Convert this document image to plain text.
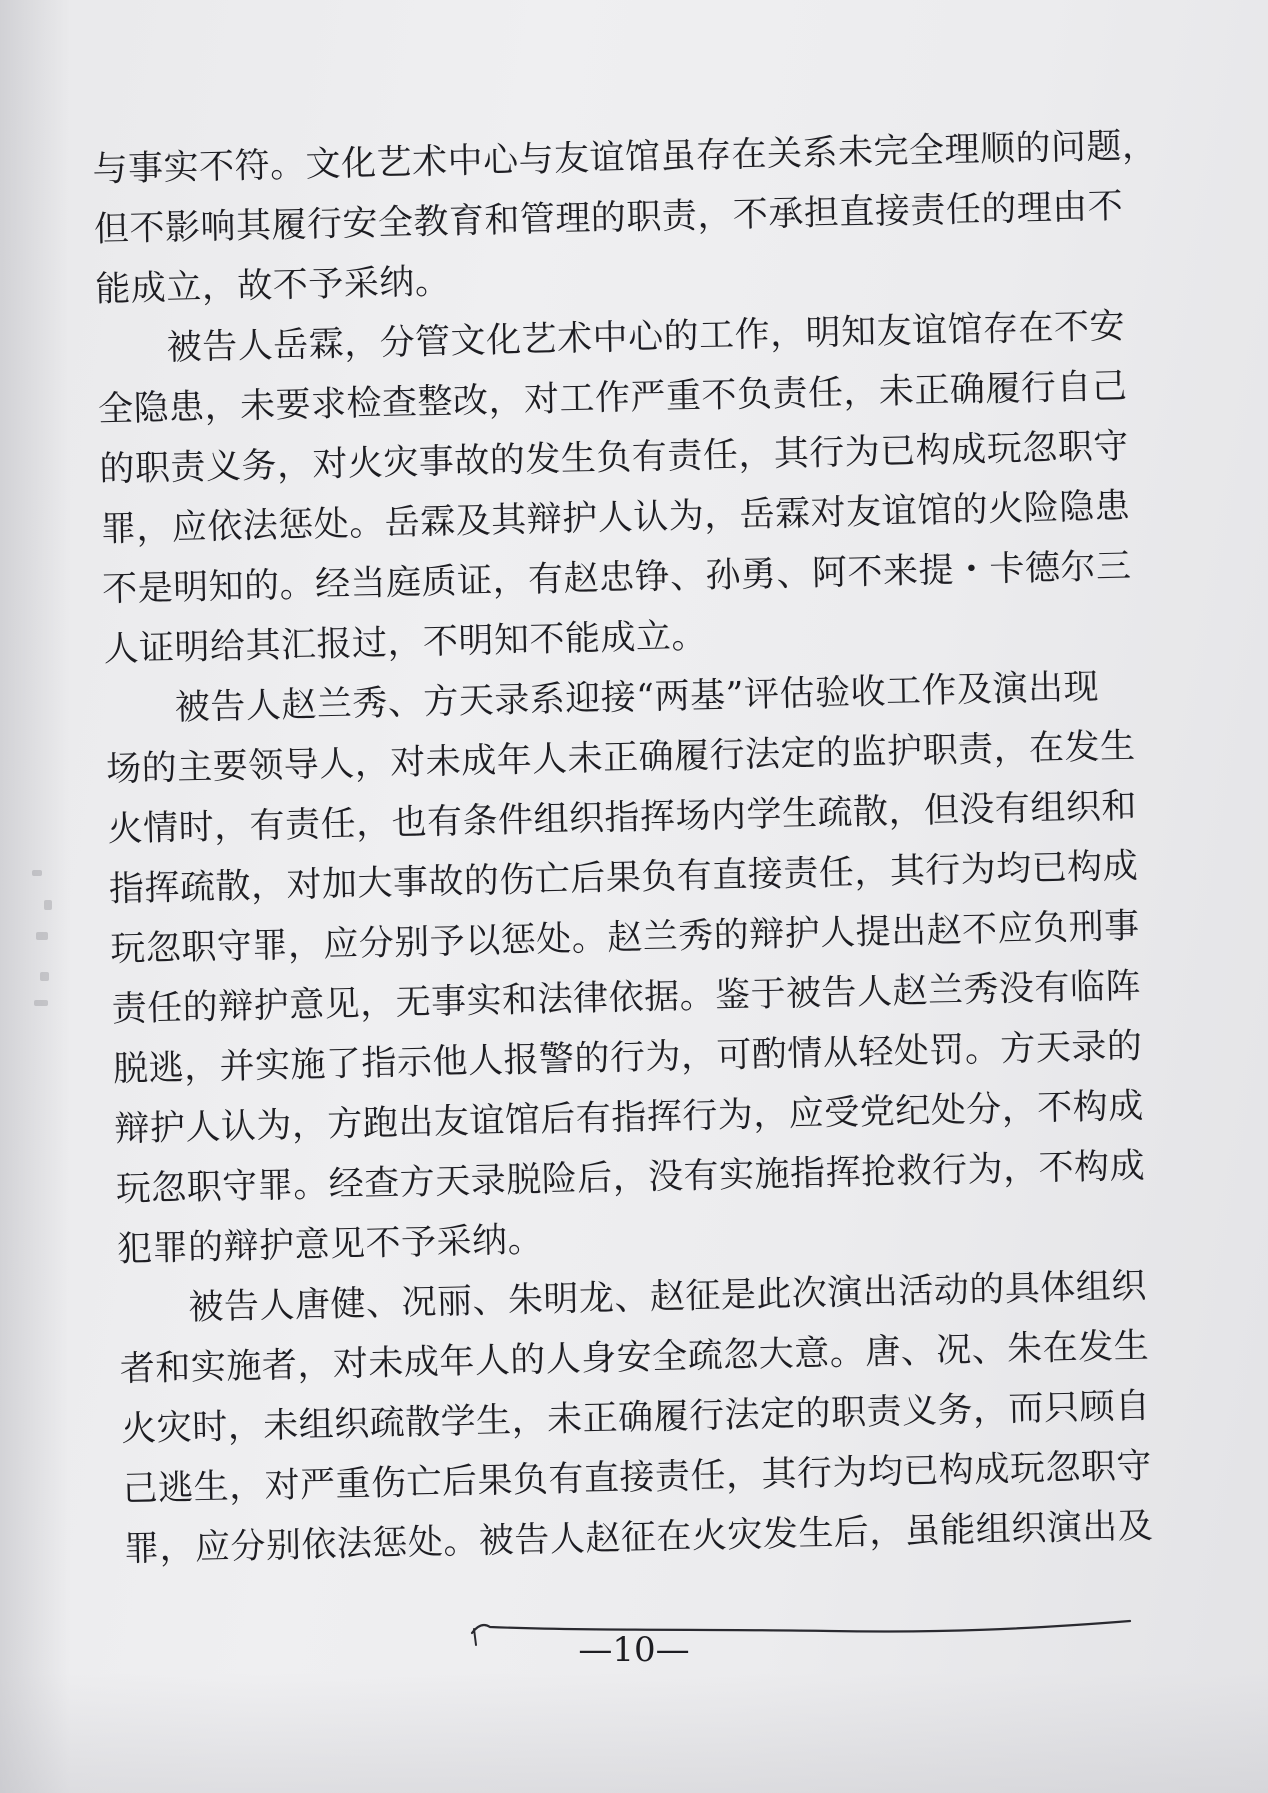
与事实不符。文化艺术中心与友谊馆虽存在关系未完全理顺的问题，
但不影响其履行安全教育和管理的职责，不承担直接责任的理由不
能成立，故不予采纳。
被告人岳霖，分管文化艺术中心的工作，明知友谊馆存在不安
全隐患，未要求检查整改，对工作严重不负责任，未正确履行自己
的职责义务，对火灾事故的发生负有责任，其行为已构成玩忽职守
罪，应依法惩处。岳霖及其辩护人认为，岳霖对友谊馆的火险隐患
不是明知的。经当庭质证，有赵忠铮、孙勇、阿不来提・卡德尔三
人证明给其汇报过，不明知不能成立。
被告人赵兰秀、方天录系迎接“两基”评估验收工作及演出现
场的主要领导人，对未成年人未正确履行法定的监护职责，在发生
火情时，有责任，也有条件组织指挥场内学生疏散，但没有组织和
指挥疏散，对加大事故的伤亡后果负有直接责任，其行为均已构成
玩忽职守罪，应分别予以惩处。赵兰秀的辩护人提出赵不应负刑事
责任的辩护意见，无事实和法律依据。鉴于被告人赵兰秀没有临阵
脱逃，并实施了指示他人报警的行为，可酌情从轻处罚。方天录的
辩护人认为，方跑出友谊馆后有指挥行为，应受党纪处分，不构成
玩忽职守罪。经查方天录脱险后，没有实施指挥抢救行为，不构成
犯罪的辩护意见不予采纳。
被告人唐健、况丽、朱明龙、赵征是此次演出活动的具体组织
者和实施者，对未成年人的人身安全疏忽大意。唐、况、朱在发生
火灾时，未组织疏散学生，未正确履行法定的职责义务，而只顾自
己逃生，对严重伤亡后果负有直接责任，其行为均已构成玩忽职守
罪，应分别依法惩处。被告人赵征在火灾发生后，虽能组织演出及
—10—
